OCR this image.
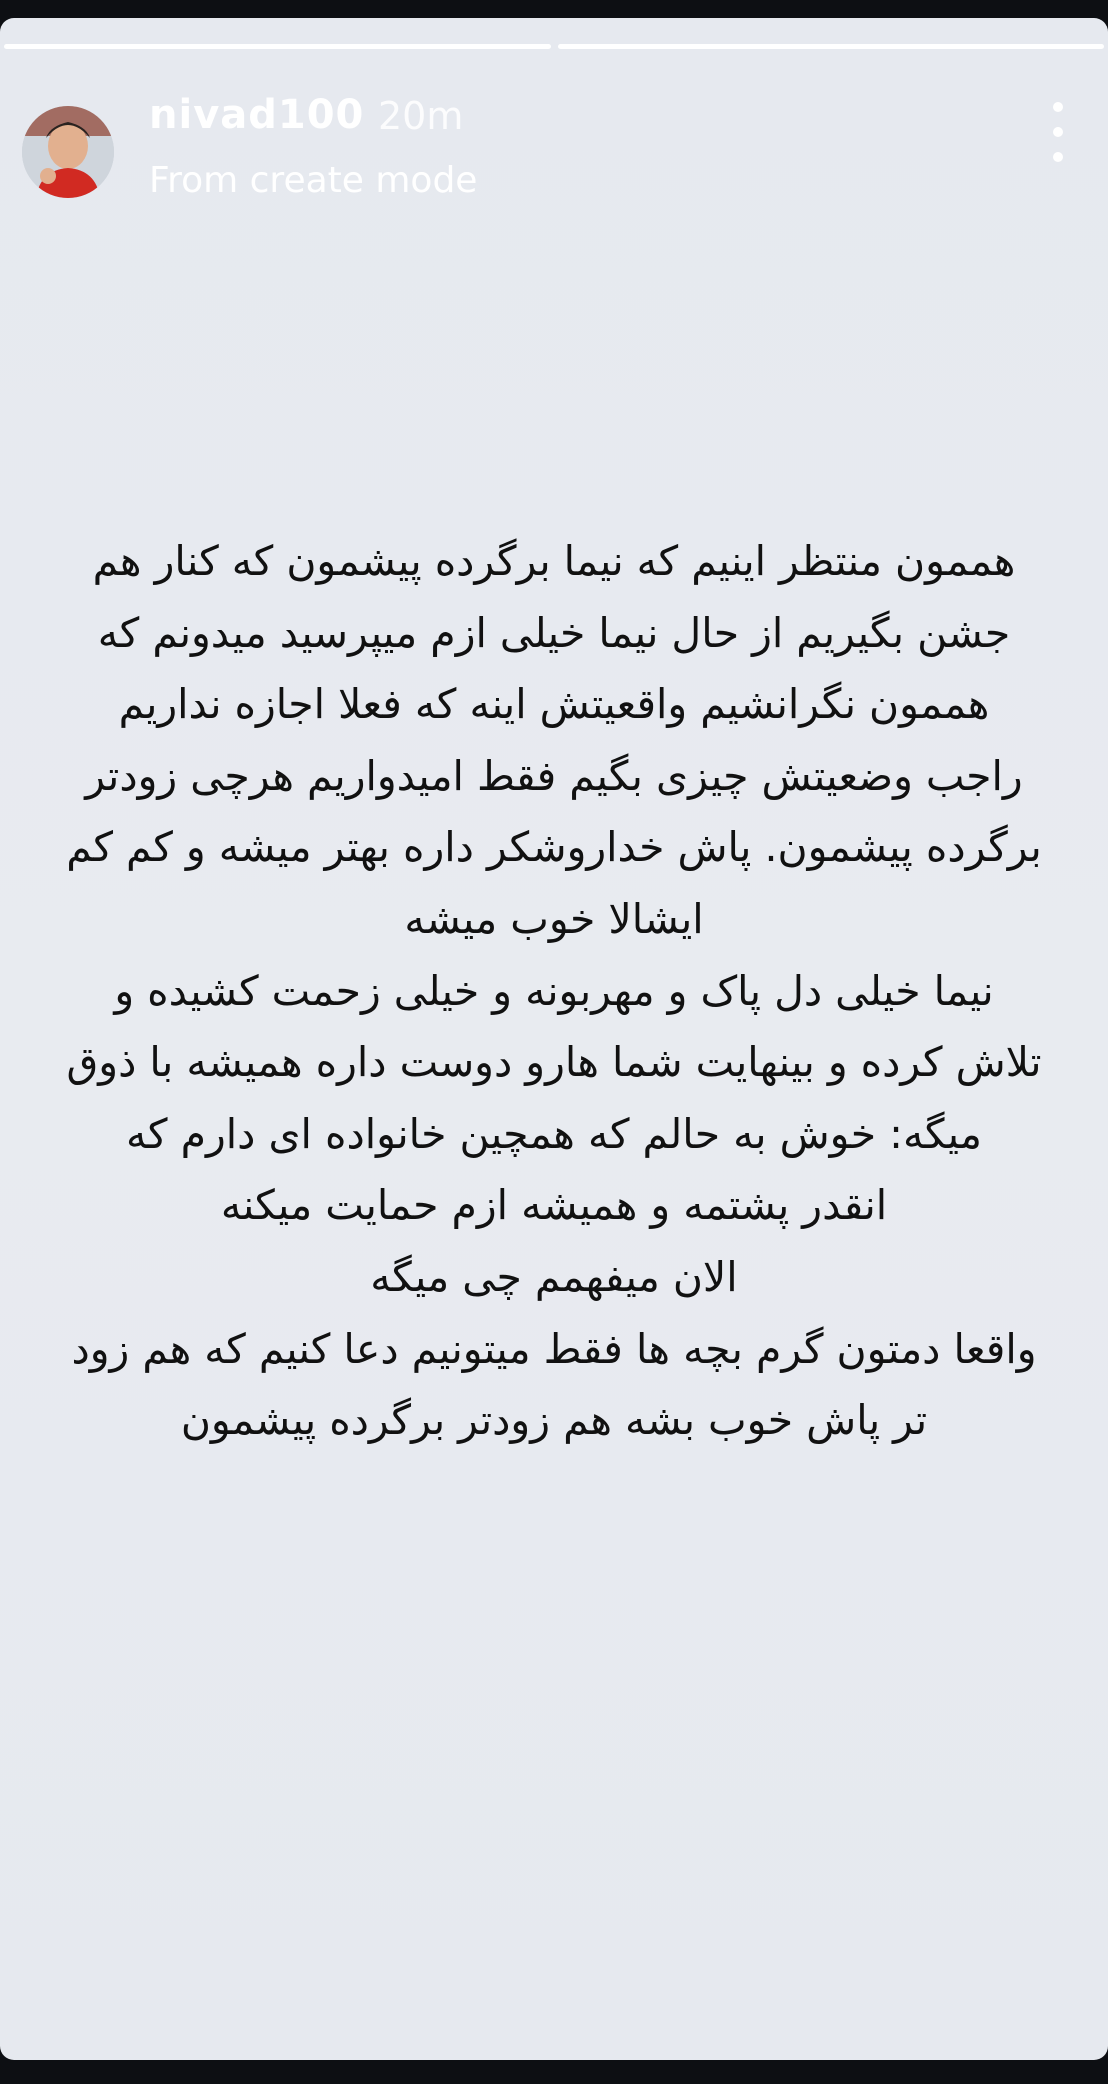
nivad100 20m
From create mode
هممون منتظر اینیم که نیما برگرده پیشمون که کنار هم
جشن بگیریم از حال نیما خیلی ازم میپرسید میدونم که
هممون نگرانشیم واقعیتش اینه که فعلا اجازه نداریم
راجب وضعیتش چیزی بگیم فقط امیدواریم هرچی زودتر
برگرده پیشمون. پاش خداروشکر داره بهتر میشه و کم کم
ایشالا خوب میشه
نیما خیلی دل پاک و مهربونه و خیلی زحمت کشیده و
تلاش کرده و بینهایت شما هارو دوست داره همیشه با ذوق
میگه: خوش به حالم که همچین خانواده ای دارم که
انقدر پشتمه و همیشه ازم حمایت میکنه
الان میفهمم چی میگه
واقعا دمتون گرم بچه ها فقط میتونیم دعا کنیم که هم زود
تر پاش خوب بشه هم زودتر برگرده پیشمون
